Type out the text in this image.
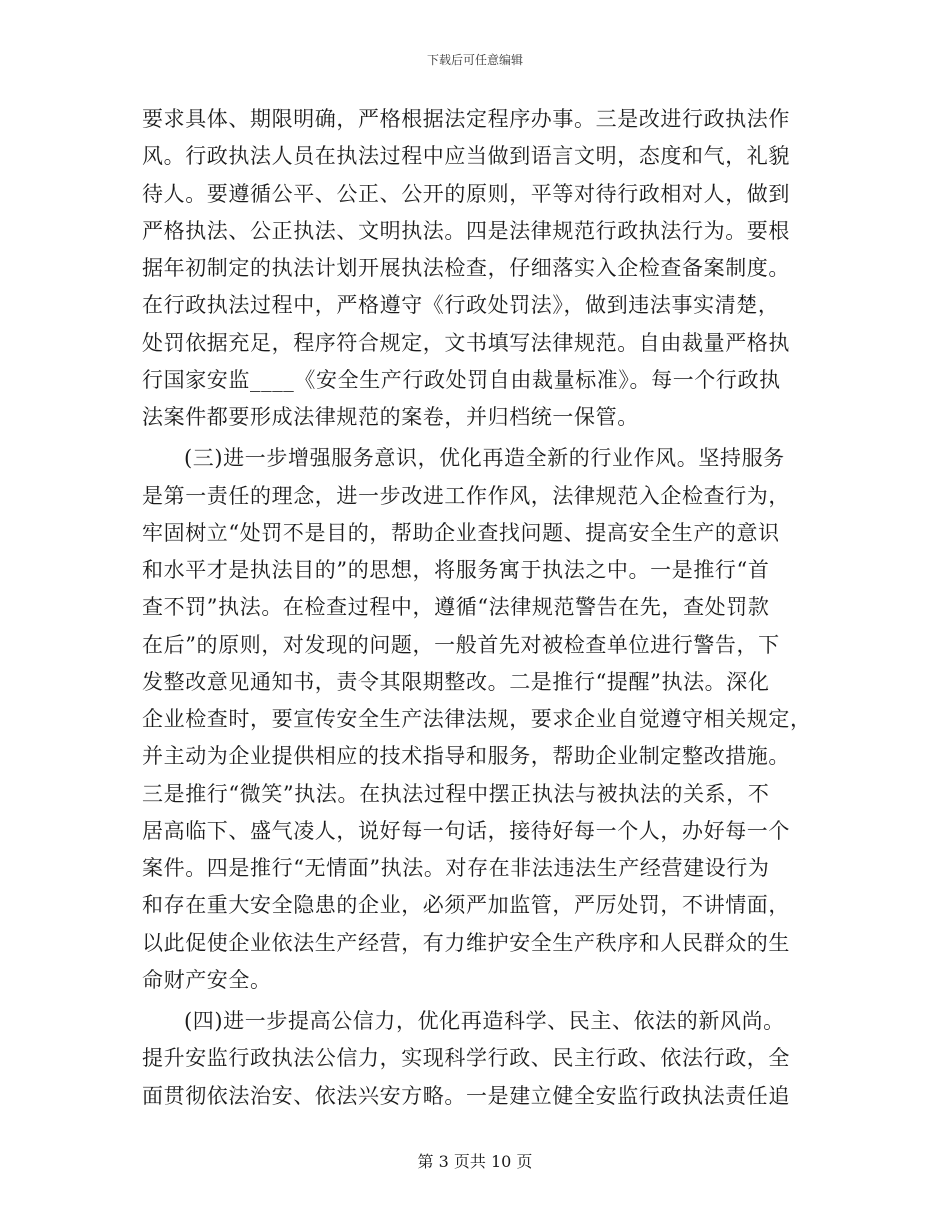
下载后可任意编辑
要求具体、期限明确，严格根据法定程序办事。三是改进行政执法作
风。行政执法人员在执法过程中应当做到语言文明，态度和气，礼貌
待人。要遵循公平、公正、公开的原则，平等对待行政相对人，做到
严格执法、公正执法、文明执法。四是法律规范行政执法行为。要根
据年初制定的执法计划开展执法检查，仔细落实入企检查备案制度。
在行政执法过程中，严格遵守《行政处罚法》，做到违法事实清楚，
处罚依据充足，程序符合规定，文书填写法律规范。自由裁量严格执
行国家安监____《安全生产行政处罚自由裁量标准》。每一个行政执
法案件都要形成法律规范的案卷，并归档统一保管。
(三)进一步增强服务意识，优化再造全新的行业作风。坚持服务
是第一责任的理念，进一步改进工作作风，法律规范入企检查行为，
牢固树立“处罚不是目的，帮助企业查找问题、提高安全生产的意识
和水平才是执法目的”的思想，将服务寓于执法之中。一是推行“首
查不罚”执法。在检查过程中，遵循“法律规范警告在先，查处罚款
在后”的原则，对发现的问题，一般首先对被检查单位进行警告，下
发整改意见通知书，责令其限期整改。二是推行“提醒”执法。深化
企业检查时，要宣传安全生产法律法规，要求企业自觉遵守相关规定，
并主动为企业提供相应的技术指导和服务，帮助企业制定整改措施。
三是推行“微笑”执法。在执法过程中摆正执法与被执法的关系，不
居高临下、盛气凌人，说好每一句话，接待好每一个人，办好每一个
案件。四是推行“无情面”执法。对存在非法违法生产经营建设行为
和存在重大安全隐患的企业，必须严加监管，严厉处罚，不讲情面，
以此促使企业依法生产经营，有力维护安全生产秩序和人民群众的生
命财产安全。
(四)进一步提高公信力，优化再造科学、民主、依法的新风尚。
提升安监行政执法公信力，实现科学行政、民主行政、依法行政，全
面贯彻依法治安、依法兴安方略。一是建立健全安监行政执法责任追
第 3 页共 10 页
